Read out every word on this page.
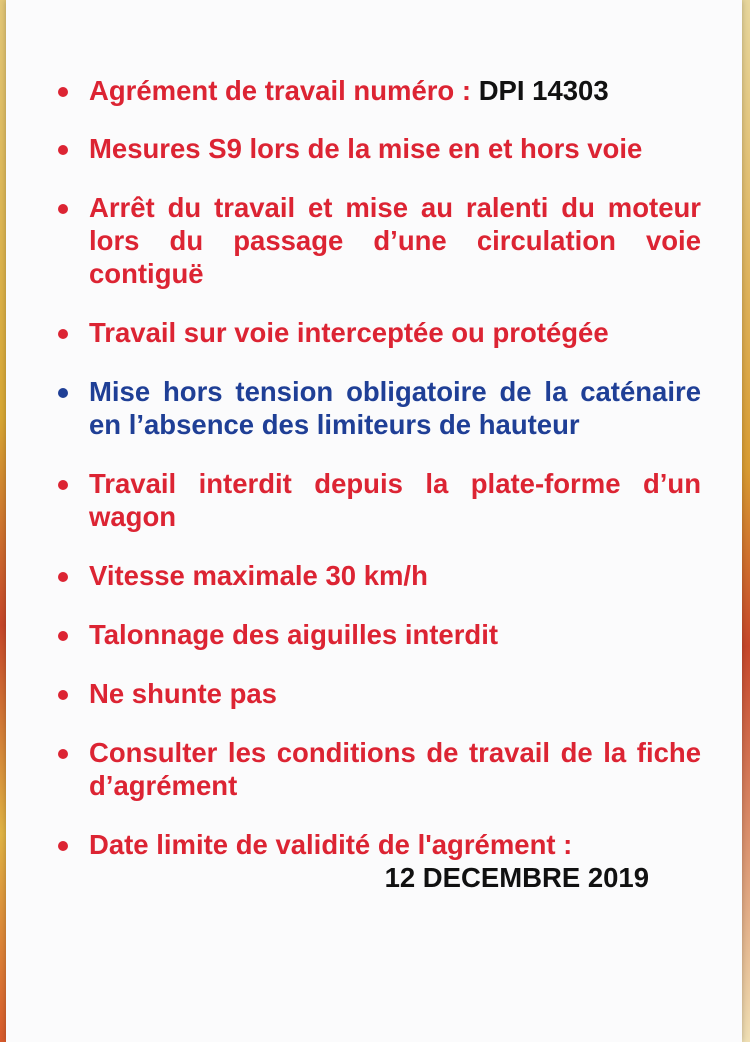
Agrément de travail numéro : DPI 14303
Mesures S9 lors de la mise en et hors voie
Arrêt du travail et mise au ralenti du moteur lors du passage d’une circulation voie contiguë
Travail sur voie interceptée ou protégée
Mise hors tension obligatoire de la caténaire en l’absence des limiteurs de hauteur
Travail interdit depuis la plate-forme d’un wagon
Vitesse maximale 30 km/h
Talonnage des aiguilles interdit
Ne shunte pas
Consulter les conditions de travail de la fiche d’agrément
Date limite de validité de l'agrément :
12 DECEMBRE 2019
